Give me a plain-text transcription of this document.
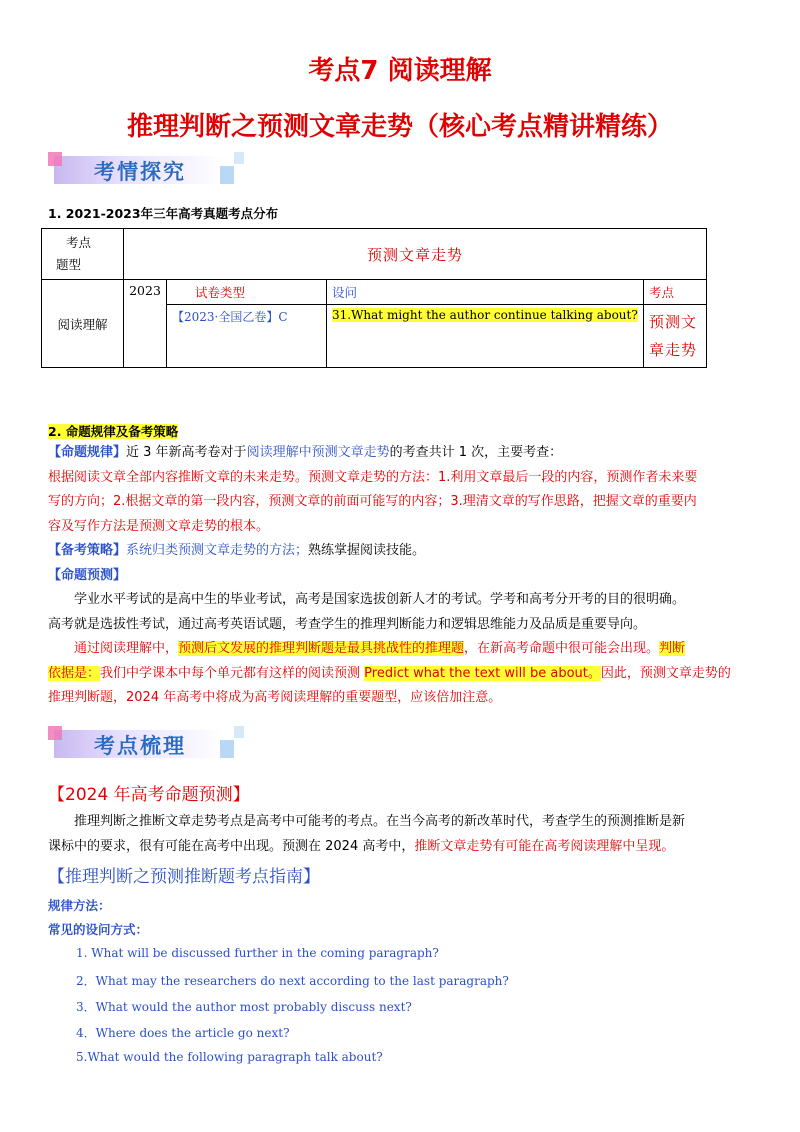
考点7 阅读理解
推理判断之预测文章走势（核心考点精讲精练）
考情探究
1. 2021-2023年三年高考真题考点分布
考点
题型	预测文章走势			
阅读理解	2023	试卷类型	设问	考点
		【2023·全国乙卷】C	31.What might the author continue talking about?	预测文章走势
2. 命题规律及备考策略
【命题规律】近 3 年新高考卷对于阅读理解中预测文章走势的考查共计 1 次，主要考查：
根据阅读文章全部内容推断文章的未来走势。预测文章走势的方法：1.利用文章最后一段的内容，预测作者未来要
写的方向；2.根据文章的第一段内容，预测文章的前面可能写的内容；3.理清文章的写作思路，把握文章的重要内
容及写作方法是预测文章走势的根本。
【备考策略】系统归类预测文章走势的方法；熟练掌握阅读技能。
【命题预测】
学业水平考试的是高中生的毕业考试，高考是国家选拔创新人才的考试。学考和高考分开考的目的很明确。
高考就是选拔性考试，通过高考英语试题，考查学生的推理判断能力和逻辑思维能力及品质是重要导向。
通过阅读理解中，预测后文发展的推理判断题是最具挑战性的推理题，在新高考命题中很可能会出现。判断
依据是：我们中学课本中每个单元都有这样的阅读预测 Predict what the text will be about。因此，预测文章走势的
推理判断题，2024 年高考中将成为高考阅读理解的重要题型，应该倍加注意。
考点梳理
【2024 年高考命题预测】
推理判断之推断文章走势考点是高考中可能考的考点。在当今高考的新改革时代，考查学生的预测推断是新
课标中的要求，很有可能在高考中出现。预测在 2024 高考中，推断文章走势有可能在高考阅读理解中呈现。
【推理判断之预测推断题考点指南】
规律方法：
常见的设问方式：
1. What will be discussed further in the coming paragraph?
2．What may the researchers do next according to the last paragraph?
3．What would the author most probably discuss next?
4．Where does the article go next?
5.What would the following paragraph talk about?
